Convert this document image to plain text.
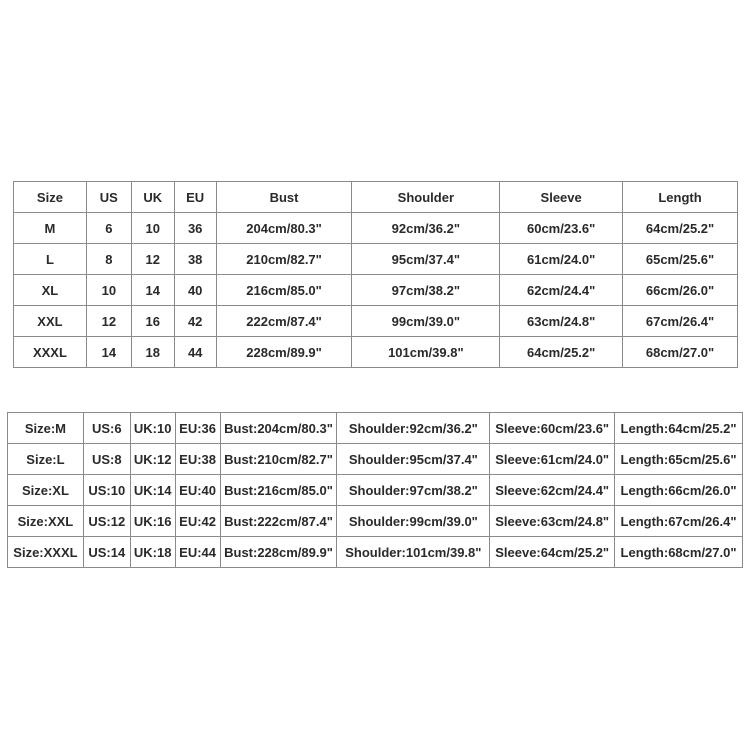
Size	US	UK	EU	Bust	Shoulder	Sleeve	Length
M	6	10	36	204cm/80.3"	92cm/36.2"	60cm/23.6"	64cm/25.2"
L	8	12	38	210cm/82.7"	95cm/37.4"	61cm/24.0"	65cm/25.6"
XL	10	14	40	216cm/85.0"	97cm/38.2"	62cm/24.4"	66cm/26.0"
XXL	12	16	42	222cm/87.4"	99cm/39.0"	63cm/24.8"	67cm/26.4"
XXXL	14	18	44	228cm/89.9"	101cm/39.8"	64cm/25.2"	68cm/27.0"
Size:M	US:6	UK:10	EU:36	Bust:204cm/80.3"	Shoulder:92cm/36.2"	Sleeve:60cm/23.6"	Length:64cm/25.2"
Size:L	US:8	UK:12	EU:38	Bust:210cm/82.7"	Shoulder:95cm/37.4"	Sleeve:61cm/24.0"	Length:65cm/25.6"
Size:XL	US:10	UK:14	EU:40	Bust:216cm/85.0"	Shoulder:97cm/38.2"	Sleeve:62cm/24.4"	Length:66cm/26.0"
Size:XXL	US:12	UK:16	EU:42	Bust:222cm/87.4"	Shoulder:99cm/39.0"	Sleeve:63cm/24.8"	Length:67cm/26.4"
Size:XXXL	US:14	UK:18	EU:44	Bust:228cm/89.9"	Shoulder:101cm/39.8"	Sleeve:64cm/25.2"	Length:68cm/27.0"
